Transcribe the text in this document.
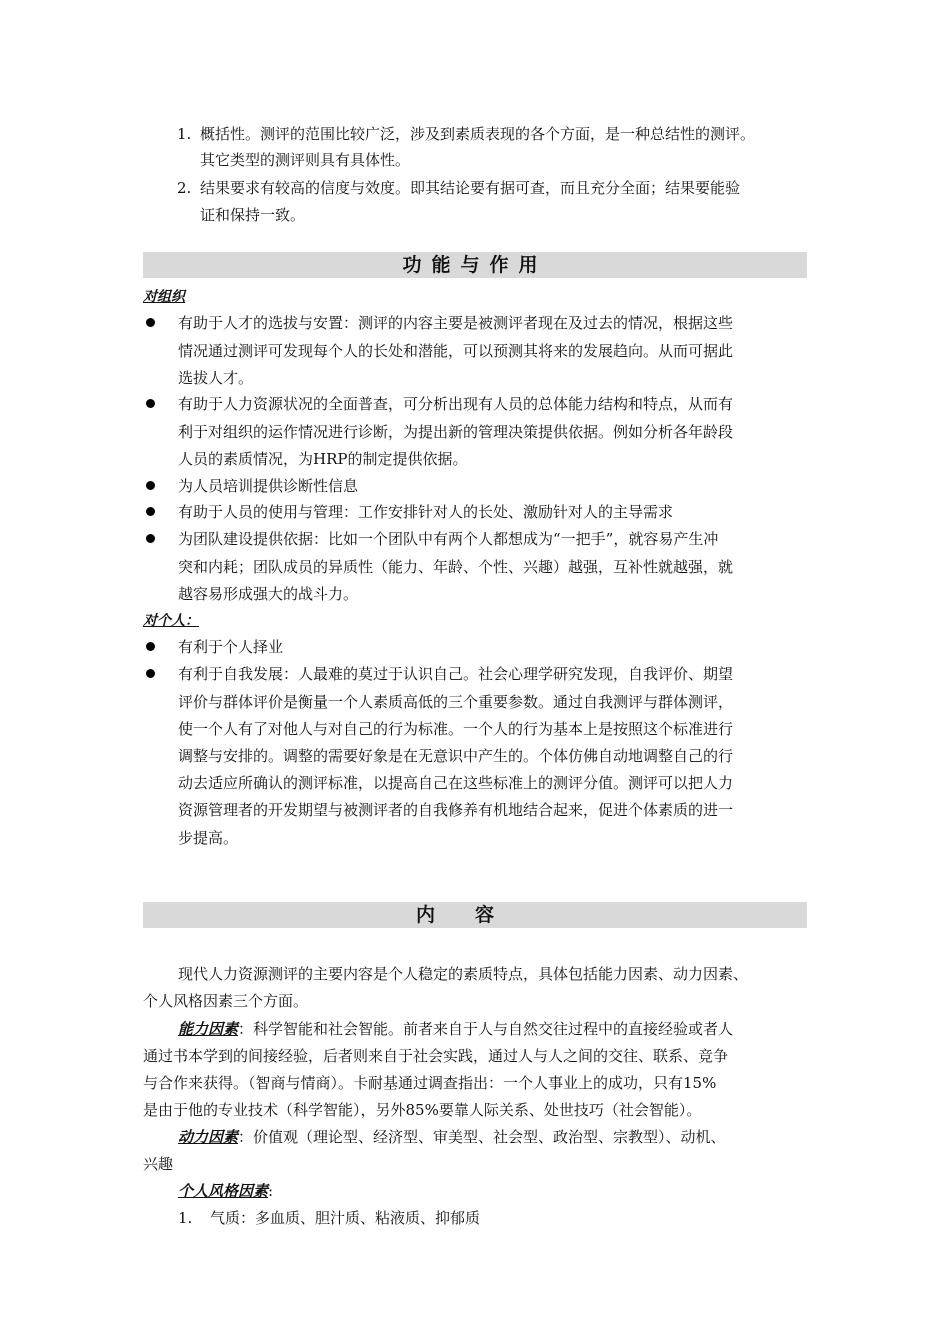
1. 概括性。测评的范围比较广泛，涉及到素质表现的各个方面，是一种总结性的测评。
其它类型的测评则具有具体性。
2. 结果要求有较高的信度与效度。即其结论要有据可查，而且充分全面；结果要能验
证和保持一致。
功能与作用
对组织
有助于人才的选拔与安置：测评的内容主要是被测评者现在及过去的情况，根据这些
情况通过测评可发现每个人的长处和潜能，可以预测其将来的发展趋向。从而可据此
选拔人才。
有助于人力资源状况的全面普查，可分析出现有人员的总体能力结构和特点，从而有
利于对组织的运作情况进行诊断，为提出新的管理决策提供依据。例如分析各年龄段
人员的素质情况，为HRP的制定提供依据。
为人员培训提供诊断性信息
有助于人员的使用与管理：工作安排针对人的长处、激励针对人的主导需求
为团队建设提供依据：比如一个团队中有两个人都想成为“一把手”，就容易产生冲
突和内耗；团队成员的异质性（能力、年龄、个性、兴趣）越强，互补性就越强，就
越容易形成强大的战斗力。
对个人：
有利于个人择业
有利于自我发展：人最难的莫过于认识自己。社会心理学研究发现，自我评价、期望
评价与群体评价是衡量一个人素质高低的三个重要参数。通过自我测评与群体测评，
使一个人有了对他人与对自己的行为标准。一个人的行为基本上是按照这个标准进行
调整与安排的。调整的需要好象是在无意识中产生的。个体仿佛自动地调整自己的行
动去适应所确认的测评标准，以提高自己在这些标准上的测评分值。测评可以把人力
资源管理者的开发期望与被测评者的自我修养有机地结合起来，促进个体素质的进一
步提高。
内容
现代人力资源测评的主要内容是个人稳定的素质特点，具体包括能力因素、动力因素、
个人风格因素三个方面。
能力因素：科学智能和社会智能。前者来自于人与自然交往过程中的直接经验或者人
通过书本学到的间接经验，后者则来自于社会实践，通过人与人之间的交往、联系、竞争
与合作来获得。（智商与情商）。卡耐基通过调查指出：一个人事业上的成功，只有15%
是由于他的专业技术（科学智能），另外85%要靠人际关系、处世技巧（社会智能）。
动力因素：价值观（理论型、经济型、审美型、社会型、政治型、宗教型）、动机、
兴趣
个人风格因素:
1. 气质：多血质、胆汁质、粘液质、抑郁质
